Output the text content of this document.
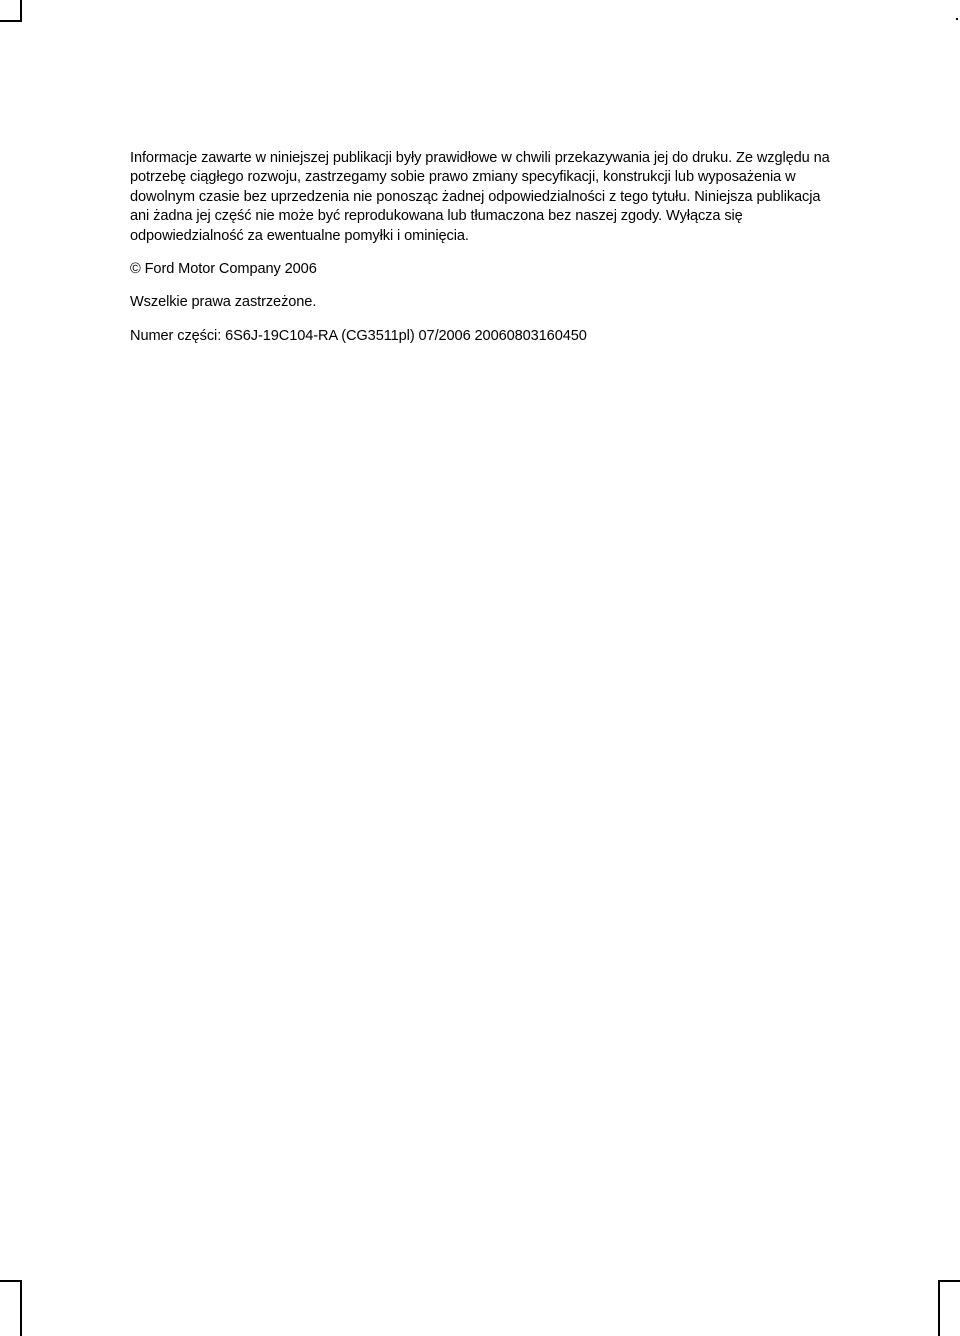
Informacje zawarte w niniejszej publikacji były prawidłowe w chwili przekazywania jej do druku. Ze względu na potrzebę ciągłego rozwoju, zastrzegamy sobie prawo zmiany specyfikacji, konstrukcji lub wyposażenia w dowolnym czasie bez uprzedzenia nie ponosząc żadnej odpowiedzialności z tego tytułu. Niniejsza publikacja ani żadna jej część nie może być reprodukowana lub tłumaczona bez naszej zgody. Wyłącza się odpowiedzialność za ewentualne pomyłki i ominięcia.

© Ford Motor Company 2006

Wszelkie prawa zastrzeżone.

Numer części: 6S6J-19C104-RA (CG3511pl) 07/2006 20060803160450
